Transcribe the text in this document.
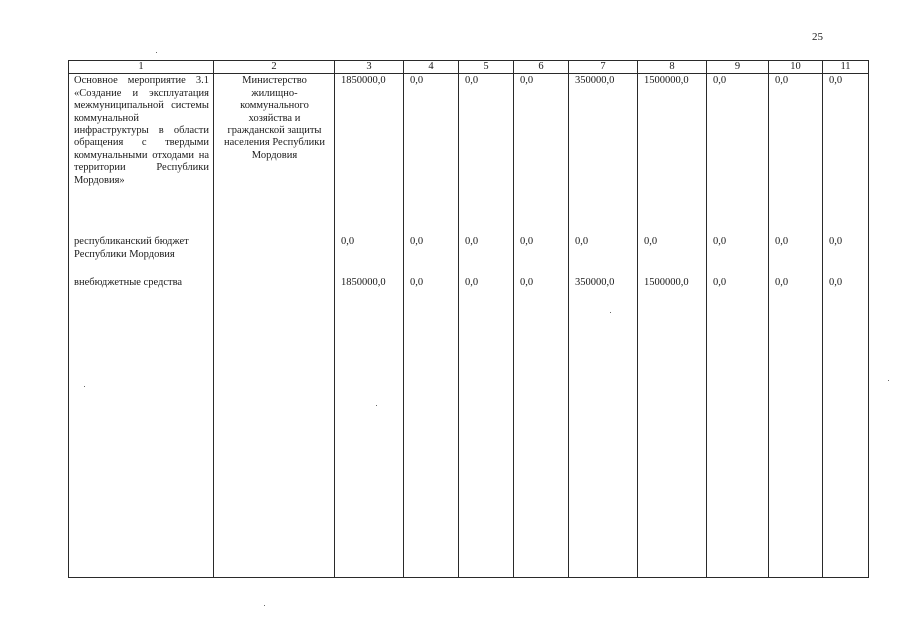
25
1	2	3	4	5	6	7	8	9	10	11
Основное мероприятие 3.1 «Создание и эксплуатация межмуниципальной системы коммунальной инфраструктуры в области обращения с твердыми коммунальными отходами на территории Республики Мордовия»	Министерство жилищно-коммунального хозяйства и гражданской защиты населения Республики Мордовия	1850000,0	0,0	0,0	0,0	350000,0	1500000,0	0,0	0,0	0,0
республиканский бюджет Республики Мордовия		0,0	0,0	0,0	0,0	0,0	0,0	0,0	0,0	0,0
внебюджетные средства		1850000,0	0,0	0,0	0,0	350000,0	1500000,0	0,0	0,0	0,0
